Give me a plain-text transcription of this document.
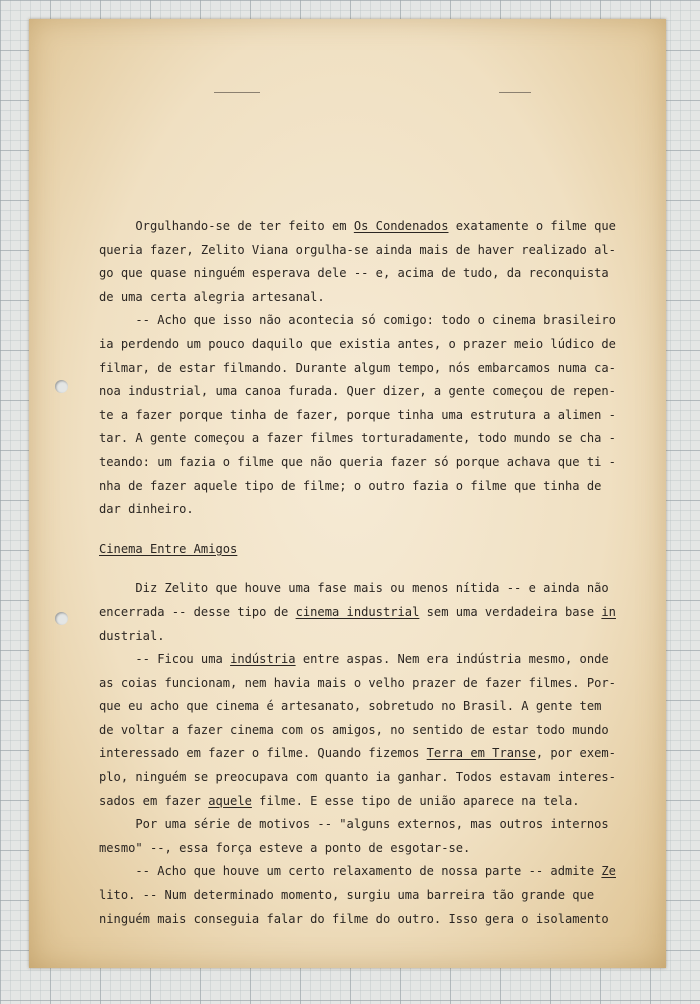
Orgulhando-se de ter feito em Os Condenados exatamente o filme que
queria fazer, Zelito Viana orgulha-se ainda mais de haver realizado al-
go que quase ninguém esperava dele -- e, acima de tudo, da reconquista
de uma certa alegria artesanal.
-- Acho que isso não acontecia só comigo: todo o cinema brasileiro
ia perdendo um pouco daquilo que existia antes, o prazer meio lúdico de
filmar, de estar filmando. Durante algum tempo, nós embarcamos numa ca-
noa industrial, uma canoa furada. Quer dizer, a gente começou de repen-
te a fazer porque tinha de fazer, porque tinha uma estrutura a alimen -
tar. A gente começou a fazer filmes torturadamente, todo mundo se cha -
teando: um fazia o filme que não queria fazer só porque achava que ti -
nha de fazer aquele tipo de filme; o outro fazia o filme que tinha de
dar dinheiro.
Cinema Entre Amigos
Diz Zelito que houve uma fase mais ou menos nítida -- e ainda não
encerrada -- desse tipo de cinema industrial sem uma verdadeira base in
dustrial.
-- Ficou uma indústria entre aspas. Nem era indústria mesmo, onde
as coias funcionam, nem havia mais o velho prazer de fazer filmes. Por-
que eu acho que cinema é artesanato, sobretudo no Brasil. A gente tem
de voltar a fazer cinema com os amigos, no sentido de estar todo mundo
interessado em fazer o filme. Quando fizemos Terra em Transe, por exem-
plo, ninguém se preocupava com quanto ia ganhar. Todos estavam interes-
sados em fazer aquele filme. E esse tipo de união aparece na tela.
Por uma série de motivos -- "alguns externos, mas outros internos
mesmo" --, essa força esteve a ponto de esgotar-se.
-- Acho que houve um certo relaxamento de nossa parte -- admite Ze
lito. -- Num determinado momento, surgiu uma barreira tão grande que
ninguém mais conseguia falar do filme do outro. Isso gera o isolamento
